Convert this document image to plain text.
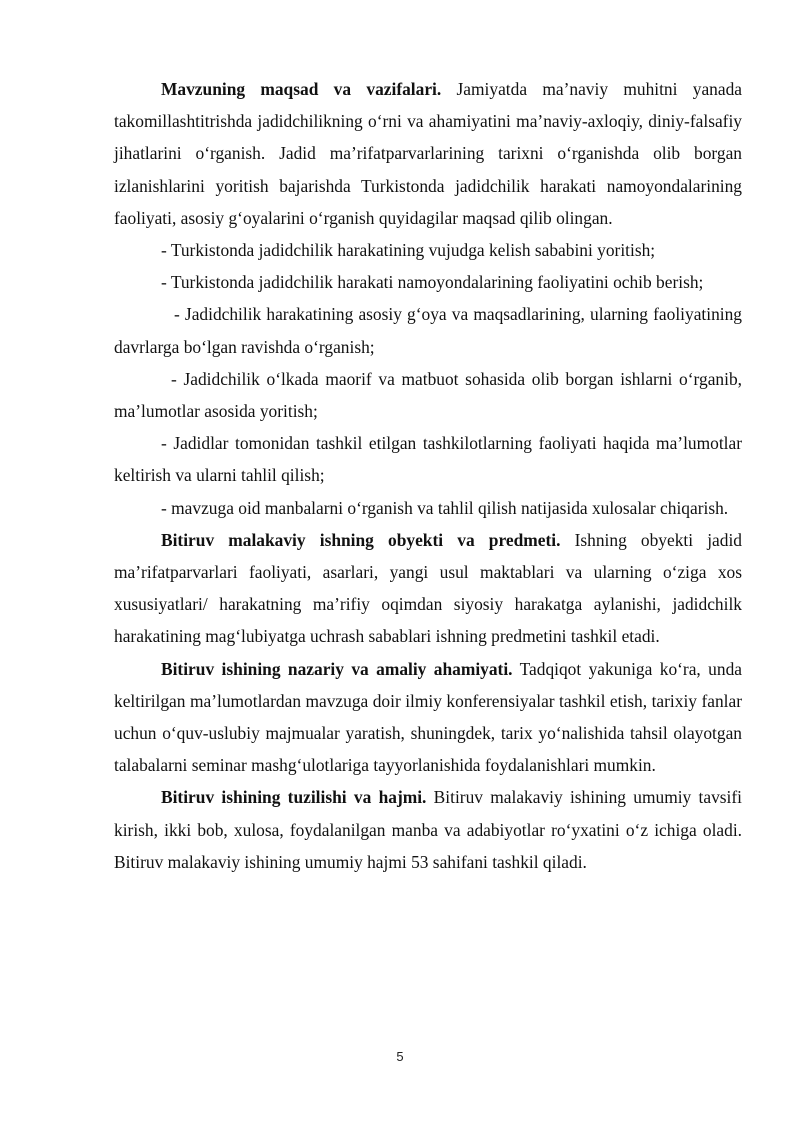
Mavzuning maqsad va vazifalari. Jamiyatda ma’naviy muhitni yanada takomillashtitrishda jadidchilikning o‘rni va ahamiyatini ma’naviy-axloqiy, diniy-falsafiy jihatlarini o‘rganish. Jadid ma’rifatparvarlarining tarixni o‘rganishda olib borgan izlanishlarini yoritish bajarishda Turkistonda jadidchilik harakati namoyondalarining faoliyati, asosiy g‘oyalarini o‘rganish quyidagilar maqsad qilib olingan.

- Turkistonda jadidchilik harakatining vujudga kelish sababini yoritish;

- Turkistonda jadidchilik harakati namoyondalarining faoliyatini ochib berish;

- Jadidchilik harakatining asosiy g‘oya va maqsadlarining, ularning faoliyatining davrlarga bo‘lgan ravishda o‘rganish;

- Jadidchilik o‘lkada maorif va matbuot sohasida olib borgan ishlarni o‘rganib, ma’lumotlar asosida yoritish;

- Jadidlar tomonidan tashkil etilgan tashkilotlarning faoliyati haqida ma’lumotlar keltirish va ularni tahlil qilish;

- mavzuga oid manbalarni o‘rganish va tahlil qilish natijasida xulosalar chiqarish.

Bitiruv malakaviy ishning obyekti va predmeti. Ishning obyekti jadid ma’rifatparvarlari faoliyati, asarlari, yangi usul maktablari va ularning o‘ziga xos xususiyatlari/ harakatning ma’rifiy oqimdan siyosiy harakatga aylanishi, jadidchilk harakatining mag‘lubiyatga uchrash sabablari ishning predmetini tashkil etadi.

Bitiruv ishining nazariy va amaliy ahamiyati. Tadqiqot yakuniga ko‘ra, unda keltirilgan ma’lumotlardan mavzuga doir ilmiy konferensiyalar tashkil etish, tarixiy fanlar uchun o‘quv-uslubiy majmualar yaratish, shuningdek, tarix yo‘nalishida tahsil olayotgan talabalarni seminar mashg‘ulotlariga tayyorlanishida foydalanishlari mumkin.

Bitiruv ishining tuzilishi va hajmi. Bitiruv malakaviy ishining umumiy tavsifi kirish, ikki bob, xulosa, foydalanilgan manba va adabiyotlar ro‘yxatini o‘z ichiga oladi. Bitiruv malakaviy ishining umumiy hajmi 53 sahifani tashkil qiladi.

5
